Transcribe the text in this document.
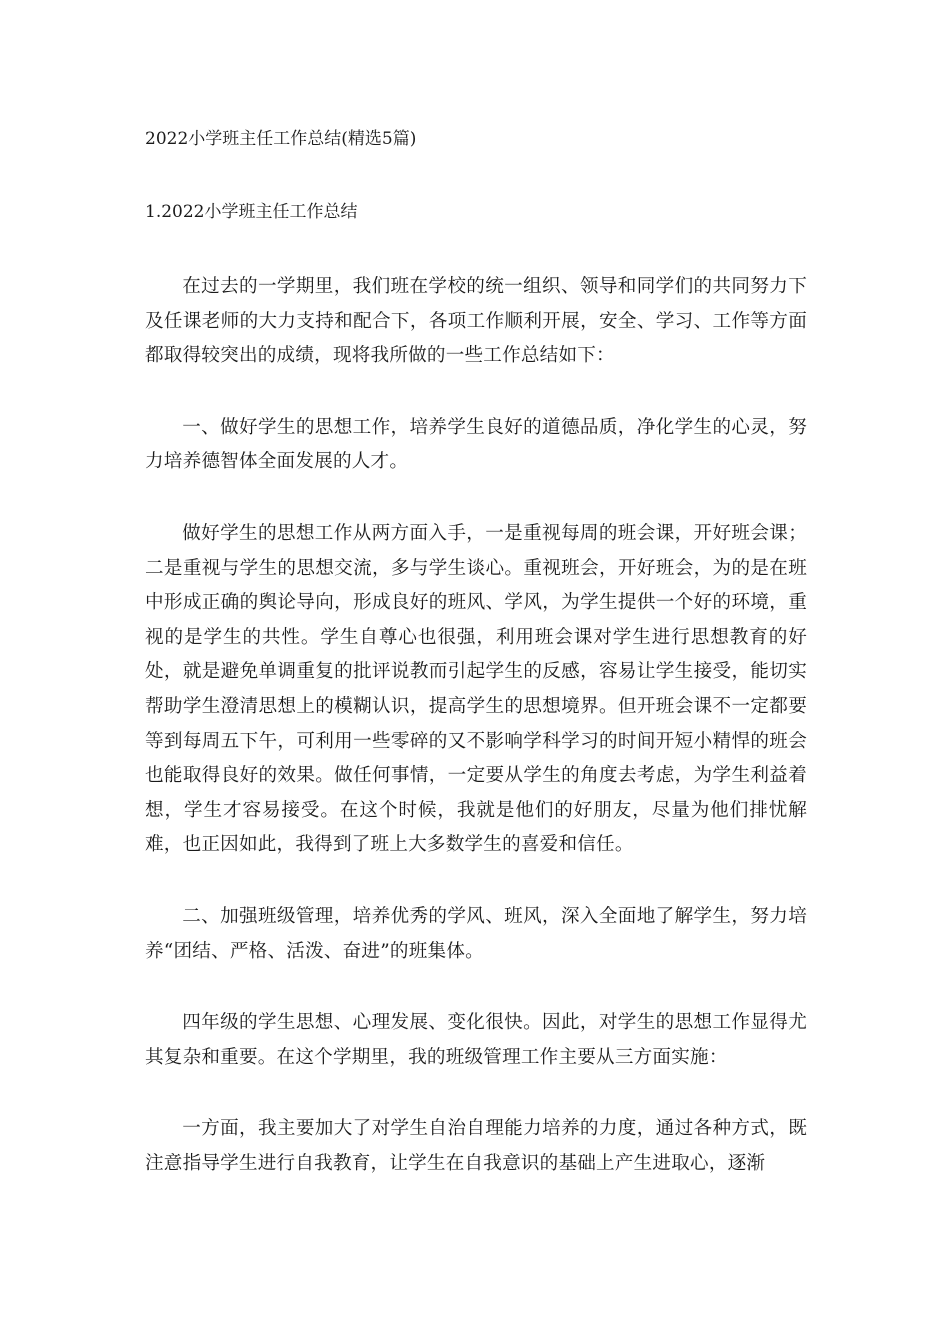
2022小学班主任工作总结(精选5篇)
1.2022小学班主任工作总结

在过去的一学期里，我们班在学校的统一组织、领导和同学们的共同努力下及任课老师的大力支持和配合下，各项工作顺利开展，安全、学习、工作等方面都取得较突出的成绩，现将我所做的一些工作总结如下：

一、做好学生的思想工作，培养学生良好的道德品质，净化学生的心灵，努力培养德智体全面发展的人才。

做好学生的思想工作从两方面入手，一是重视每周的班会课，开好班会课；二是重视与学生的思想交流，多与学生谈心。重视班会，开好班会，为的是在班中形成正确的舆论导向，形成良好的班风、学风，为学生提供一个好的环境，重视的是学生的共性。学生自尊心也很强，利用班会课对学生进行思想教育的好处，就是避免单调重复的批评说教而引起学生的反感，容易让学生接受，能切实帮助学生澄清思想上的模糊认识，提高学生的思想境界。但开班会课不一定都要等到每周五下午，可利用一些零碎的又不影响学科学习的时间开短小精悍的班会也能取得良好的效果。做任何事情，一定要从学生的角度去考虑，为学生利益着想，学生才容易接受。在这个时候，我就是他们的好朋友，尽量为他们排忧解难，也正因如此，我得到了班上大多数学生的喜爱和信任。

二、加强班级管理，培养优秀的学风、班风，深入全面地了解学生，努力培养“团结、严格、活泼、奋进”的班集体。

四年级的学生思想、心理发展、变化很快。因此，对学生的思想工作显得尤其复杂和重要。在这个学期里，我的班级管理工作主要从三方面实施：

一方面，我主要加大了对学生自治自理能力培养的力度，通过各种方式，既注意指导学生进行自我教育，让学生在自我意识的基础上产生进取心，逐渐
